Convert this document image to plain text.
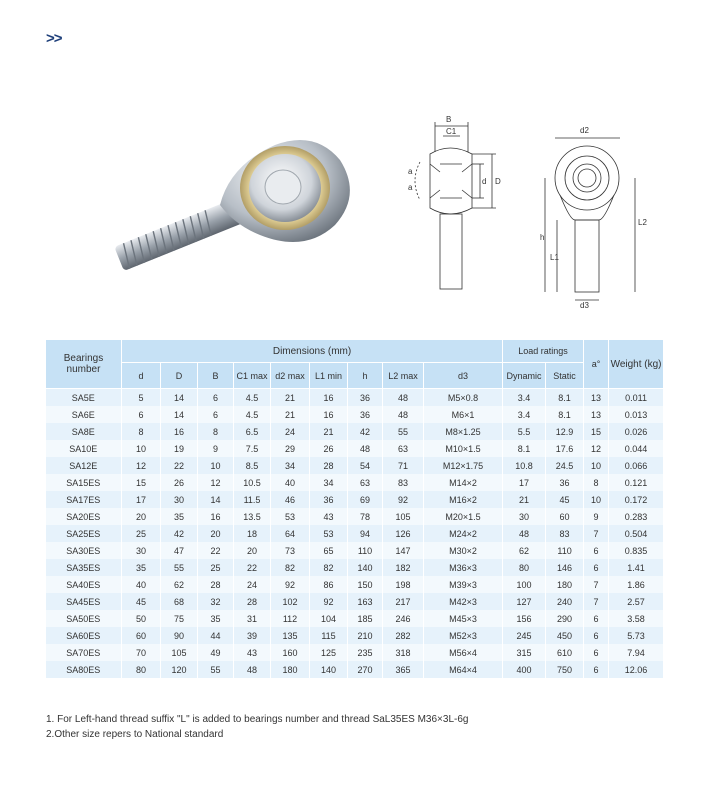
>>
B
C1
a
a
d D
d2
h
L1
L2
d3
Bearings number	Dimensions (mm)									Load ratings		a°	Weight (kg)
	d	D	B	C1 max	d2 max	L1 min	h	L2 max	d3	Dynamic	Static		
SA5E	5	14	6	4.5	21	16	36	48	M5×0.8	3.4	8.1	13	0.011
SA6E	6	14	6	4.5	21	16	36	48	M6×1	3.4	8.1	13	0.013
SA8E	8	16	8	6.5	24	21	42	55	M8×1.25	5.5	12.9	15	0.026
SA10E	10	19	9	7.5	29	26	48	63	M10×1.5	8.1	17.6	12	0.044
SA12E	12	22	10	8.5	34	28	54	71	M12×1.75	10.8	24.5	10	0.066
SA15ES	15	26	12	10.5	40	34	63	83	M14×2	17	36	8	0.121
SA17ES	17	30	14	11.5	46	36	69	92	M16×2	21	45	10	0.172
SA20ES	20	35	16	13.5	53	43	78	105	M20×1.5	30	60	9	0.283
SA25ES	25	42	20	18	64	53	94	126	M24×2	48	83	7	0.504
SA30ES	30	47	22	20	73	65	110	147	M30×2	62	110	6	0.835
SA35ES	35	55	25	22	82	82	140	182	M36×3	80	146	6	1.41
SA40ES	40	62	28	24	92	86	150	198	M39×3	100	180	7	1.86
SA45ES	45	68	32	28	102	92	163	217	M42×3	127	240	7	2.57
SA50ES	50	75	35	31	112	104	185	246	M45×3	156	290	6	3.58
SA60ES	60	90	44	39	135	115	210	282	M52×3	245	450	6	5.73
SA70ES	70	105	49	43	160	125	235	318	M56×4	315	610	6	7.94
SA80ES	80	120	55	48	180	140	270	365	M64×4	400	750	6	12.06
1. For Left-hand thread suffix "L" is added to bearings number and thread SaL35ES M36×3L-6g
2.Other size repers to National standard
